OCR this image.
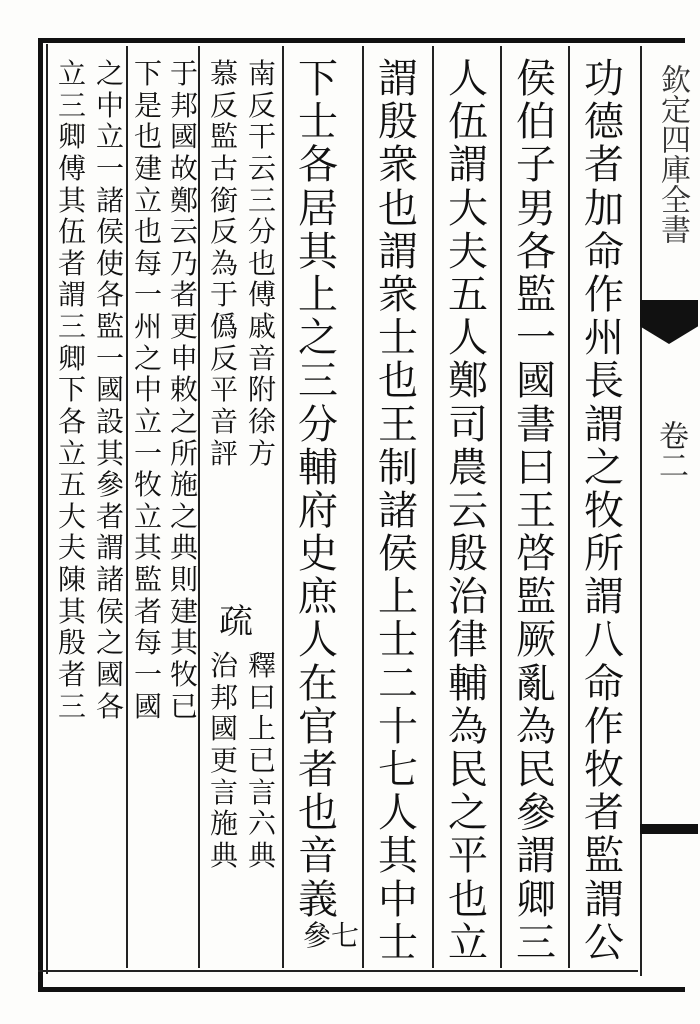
欽定四庫全書
卷二
功
德
者
加
命
作
州
長
謂
之
牧
所
謂
八
命
作
牧
者
監
謂
公
侯
伯
子
男
各
監
一
國
書
曰
王
啓
監
厥
亂
為
民
參
謂
卿
三
人
伍
謂
大
夫
五
人
鄭
司
農
云
殷
治
律
輔
為
民
之
平
也
立
謂
殷
衆
也
謂
衆
士
也
王
制
諸
侯
上
士
二
十
七
人
其
中
士
下
士
各
居
其
上
之
三
分
輔
府
史
庶
人
在
官
者
也
音
義
參 七
南
反
干
云
三
分
也
傅
戚
音
附
徐
方
慕
反
監
古
銜
反
為
于
僞
反
平
音
評
疏
釋
曰
上
已
言
六
典
治
邦
國
更
言
施
典
于
邦
國
故
鄭
云
乃
者
更
申
敕
之
所
施
之
典
則
建
其
牧
已
下
是
也
建
立
也
每
一
州
之
中
立
一
牧
立
其
監
者
每
一
國
之
中
立
一
諸
侯
使
各
監
一
國
設
其
參
者
謂
諸
侯
之
國
各
立
三
卿
傅
其
伍
者
謂
三
卿
下
各
立
五
大
夫
陳
其
殷
者
三
